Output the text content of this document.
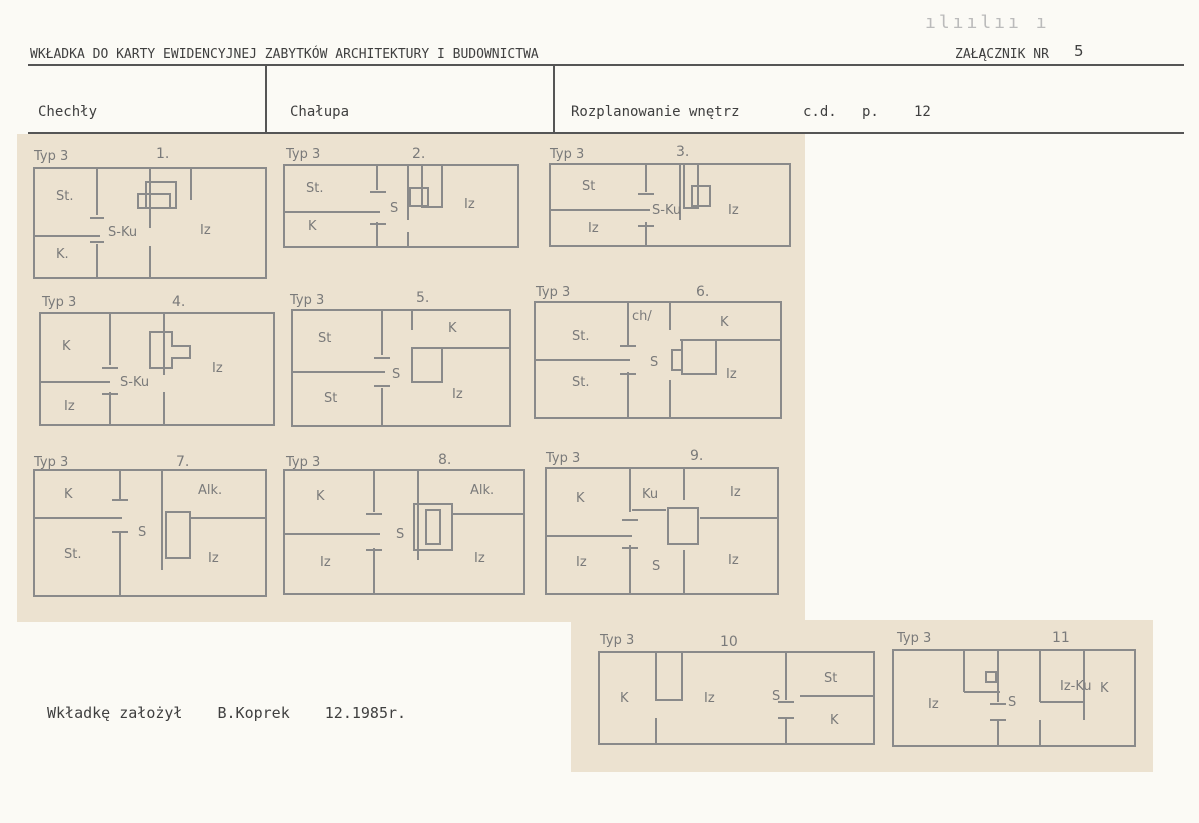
ılıılıı ı
WKŁADKA DO KARTY EWIDENCYJNEJ ZABYTKÓW ARCHITEKTURY I BUDOWNICTWA	ZAŁĄCZNIK NR 5
Chechły	Chałupa	Rozplanowanie wnętrz	c.d. p.	12
Typ 3	1.
St.
K.
S-Ku	Iz
Typ 3	2.
St.
K
S	Iz
Typ 3	3.
St
Iz
S-Ku	Iz
Typ 3	4.
K
Iz
S-Ku
Iz
Typ 3	5.
St
St
S
K
Iz
Typ 3	6.
St.
St.
ch/
S
K
Iz
Typ 3	7.
K
St.
S
Alk.
Iz
Typ 3	8.
K
Iz
S
Alk.
Iz
Typ 3	9.
K
Iz
Ku
S
Iz
Iz
Typ 3	10
K	Iz	S
St
K
Typ 3	11
Iz	S
Iz-Ku K
Wkładkę założył B.Koprek 12.1985r.
